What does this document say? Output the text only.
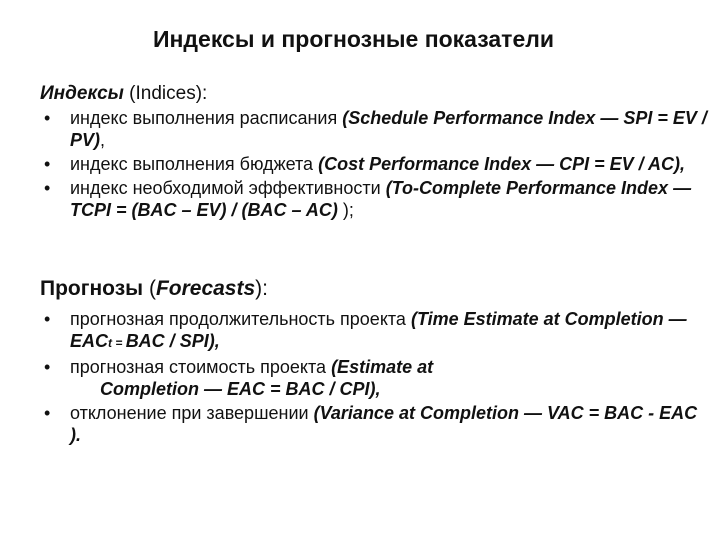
Индексы и прогнозные показатели
Индексы (Indices):
• индекс выполнения расписания (Schedule Performance Index — SPI = EV / PV),
• индекс выполнения бюджета (Cost Performance Index — CPI = EV / AC),
• индекс необходимой эффективности (To-Complete Performance Index — TCPI = (BAC – EV) / (BAC – AC) );
Прогнозы (Forecasts):
• прогнозная продолжительность проекта (Time Estimate at Completion — EACt = BAC / SPI),
• прогнозная стоимость проекта (Estimate at
Completion — EAC = BAC / CPI),
• отклонение при завершении (Variance at Completion — VAC = BAC - EAC ).
